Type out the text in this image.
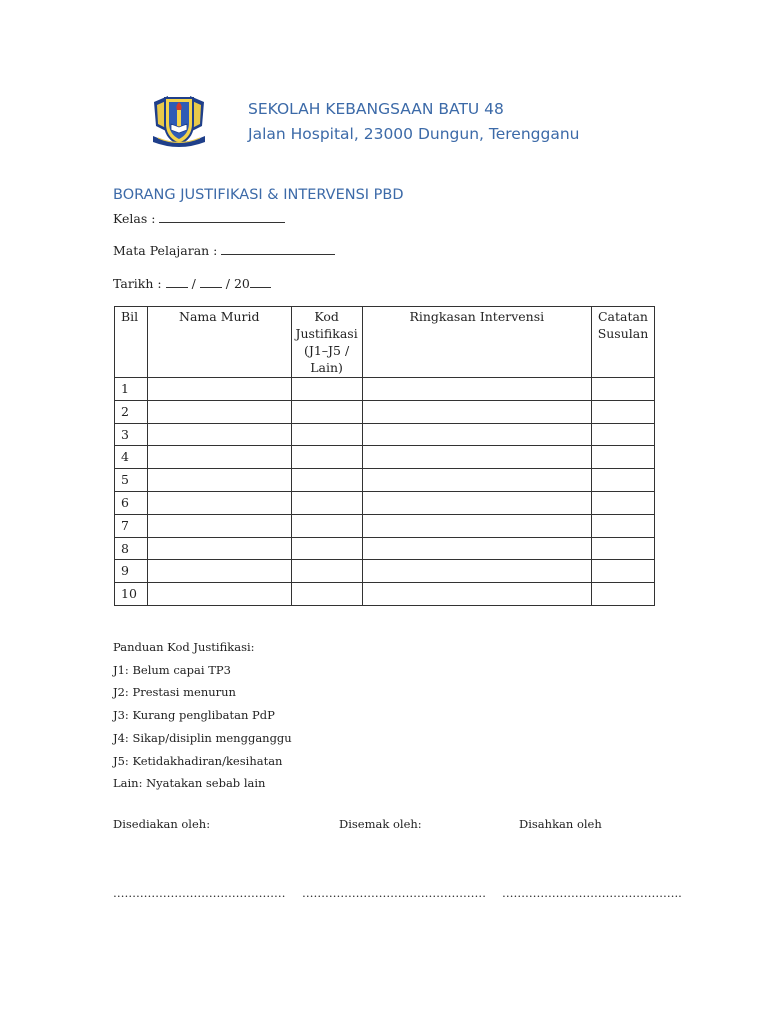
SEKOLAH KEBANGSAAN BATU 48
Jalan Hospital, 23000 Dungun, Terengganu
BORANG JUSTIFIKASI & INTERVENSI PBD
Kelas :
Mata Pelajaran :
Tarikh : / / 20
Bil	Nama Murid	Kod Justifikasi (J1–J5 / Lain)	Ringkasan Intervensi	Catatan Susulan
1				
2				
3				
4				
5				
6				
7				
8				
9				
10				
Panduan Kod Justifikasi:
J1: Belum capai TP3
J2: Prestasi menurun
J3: Kurang penglibatan PdP
J4: Sikap/disiplin mengganggu
J5: Ketidakhadiran/kesihatan
Lain: Nyatakan sebab lain
Disediakan oleh:	Disemak oleh:	Disahkan oleh
……………………………………… ………………………………………… ………………………………………..
